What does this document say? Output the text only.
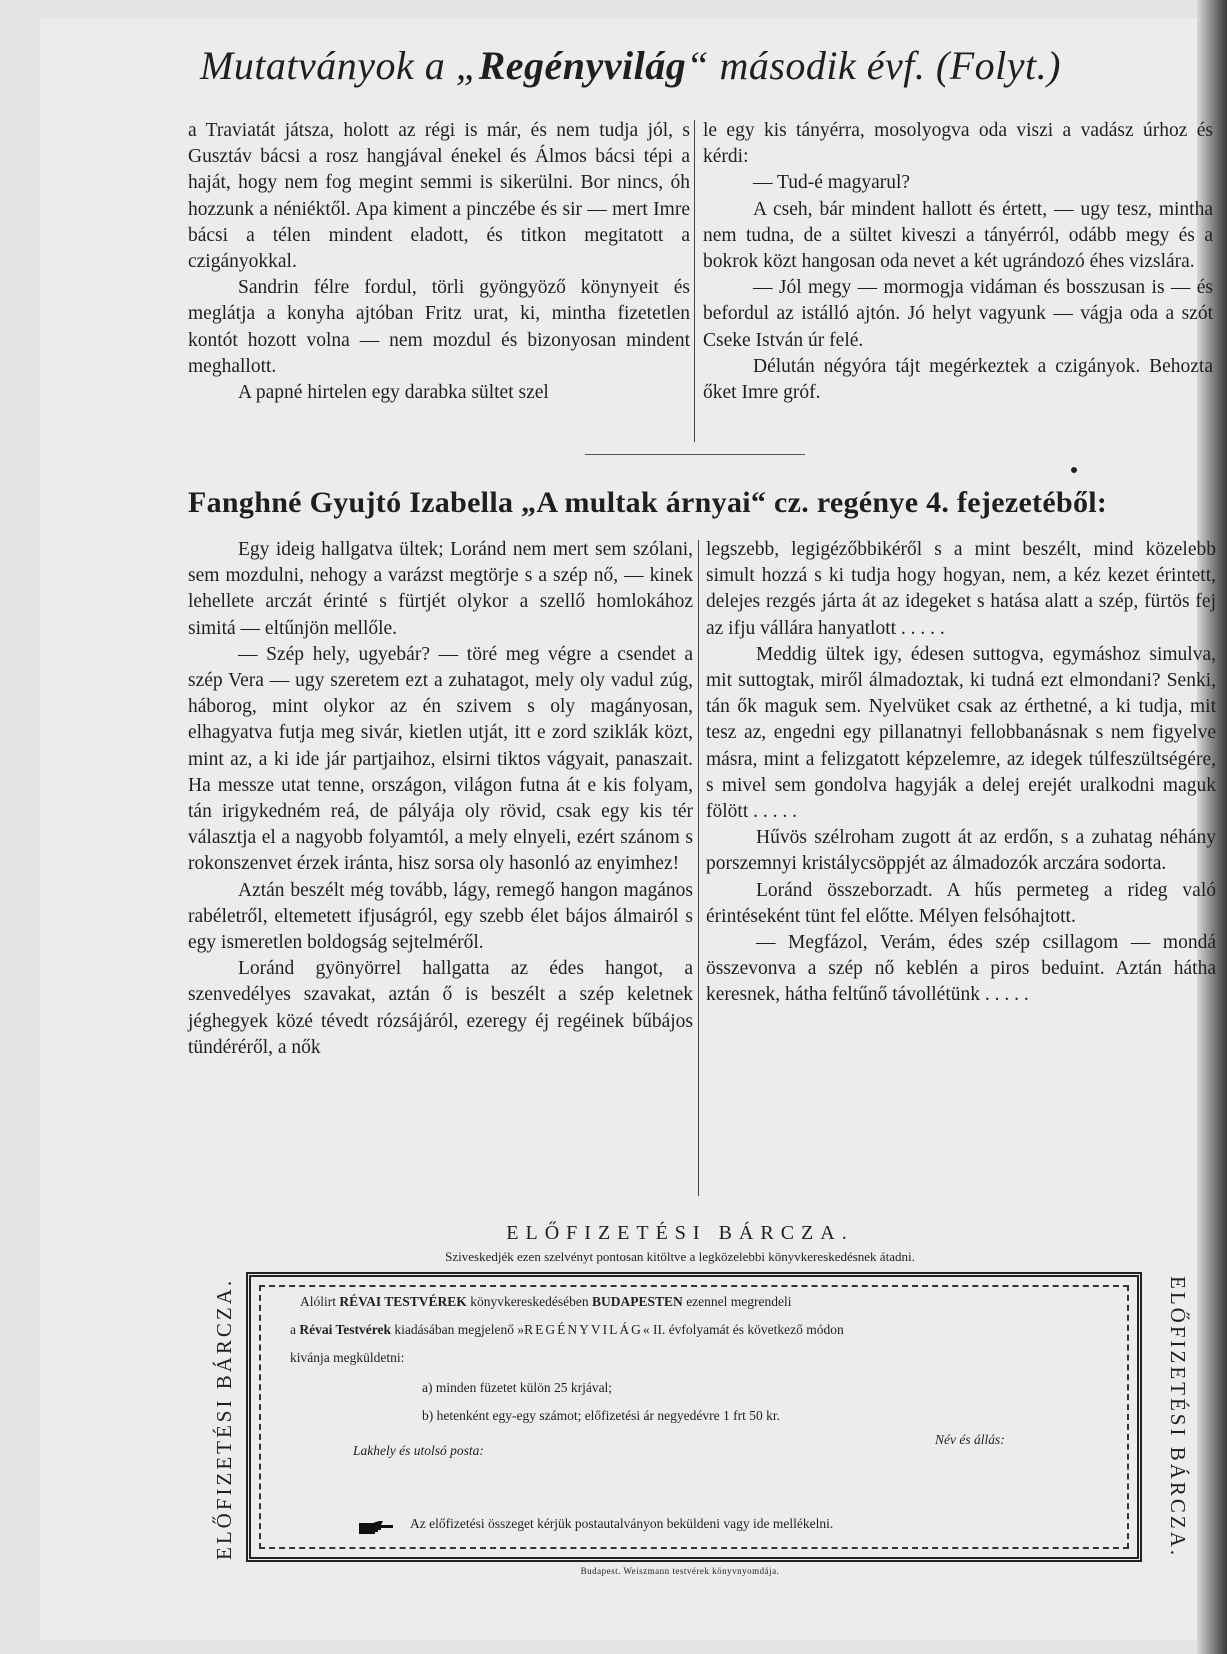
Mutatványok a „Regényvilág“ második évf. (Folyt.)

a Traviatát játsza, holott az régi is már, és nem tudja jól, s Gusztáv bácsi a rosz hangjával énekel és Álmos bácsi tépi a haját, hogy nem fog megint semmi is sikerülni. Bor nincs, óh hozzunk a néniéktől. Apa kiment a pinczébe és sir — mert Imre bácsi a télen mindent eladott, és titkon megitatott a czigányokkal.

Sandrin félre fordul, törli gyöngyöző könynyeit és meglátja a konyha ajtóban Fritz urat, ki, mintha fizetetlen kontót hozott volna — nem mozdul és bizonyosan mindent meghallott.

A papné hirtelen egy darabka sültet szel

le egy kis tányérra, mosolyogva oda viszi a vadász úrhoz és kérdi:

— Tud-é magyarul?

A cseh, bár mindent hallott és értett, — ugy tesz, mintha nem tudna, de a sültet kiveszi a tányérról, odább megy és a bokrok közt hangosan oda nevet a két ugrándozó éhes vizslára.

— Jól megy — mormogja vidáman és bosszusan is — és befordul az istálló ajtón. Jó helyt vagyunk — vágja oda a szót Cseke István úr felé.

Délután négyóra tájt megérkeztek a czigányok. Behozta őket Imre gróf.

Fanghné Gyujtó Izabella „A multak árnyai“ cz. regénye 4. fejezetéből:

Egy ideig hallgatva ültek; Loránd nem mert sem szólani, sem mozdulni, nehogy a varázst megtörje s a szép nő, — kinek lehellete arczát érinté s fürtjét olykor a szellő homlokához simitá — eltűnjön mellőle.

— Szép hely, ugyebár? — töré meg végre a csendet a szép Vera — ugy szeretem ezt a zuhatagot, mely oly vadul zúg, háborog, mint olykor az én szivem s oly magányosan, elhagyatva futja meg sivár, kietlen utját, itt e zord sziklák közt, mint az, a ki ide jár partjaihoz, elsirni tiktos vágyait, panaszait. Ha messze utat tenne, országon, világon futna át e kis folyam, tán irigykedném reá, de pályája oly rövid, csak egy kis tér választja el a nagyobb folyamtól, a mely elnyeli, ezért szánom s rokonszenvet érzek iránta, hisz sorsa oly hasonló az enyimhez!

Aztán beszélt még tovább, lágy, remegő hangon magános rabéletről, eltemetett ifjuságról, egy szebb élet bájos álmairól s egy ismeretlen boldogság sejtelméről.

Loránd gyönyörrel hallgatta az édes hangot, a szenvedélyes szavakat, aztán ő is beszélt a szép keletnek jéghegyek közé tévedt rózsájáról, ezeregy éj regéinek bűbájos tündéréről, a nők

legszebb, legigézőbbikéről s a mint beszélt, mind közelebb simult hozzá s ki tudja hogy hogyan, nem, a kéz kezet érintett, delejes rezgés járta át az idegeket s hatása alatt a szép, fürtös fej az ifju vállára hanyatlott . . . . .

Meddig ültek igy, édesen suttogva, egymáshoz simulva, mit suttogtak, miről álmadoztak, ki tudná ezt elmondani? Senki, tán ők maguk sem. Nyelvüket csak az érthetné, a ki tudja, mit tesz az, engedni egy pillanatnyi fellobbanásnak s nem figyelve másra, mint a felizgatott képzelemre, az idegek túlfeszültségére, s mivel sem gondolva hagyják a delej erejét uralkodni maguk fölött . . . . .

Hűvös szélroham zugott át az erdőn, s a zuhatag néhány porszemnyi kristálycsöppjét az álmadozók arczára sodorta.

Loránd összeborzadt. A hűs permeteg a rideg való érintéseként tünt fel előtte. Mélyen felsóhajtott.

— Megfázol, Verám, édes szép csillagom — mondá összevonva a szép nő keblén a piros beduint. Aztán hátha keresnek, hátha feltűnő távollétünk . . . . .

ELŐFIZETÉSI BÁRCZA.
Sziveskedjék ezen szelvényt pontosan kitöltve a legközelebbi könyvkereskedésnek átadni.
ELŐFIZETÉSI BÁRCZA.	ELŐFIZETÉSI BÁRCZA.
Alólirt RÉVAI TESTVÉREK könyvkereskedésében BUDAPESTEN ezennel megrendeli
a Révai Testvérek kiadásában megjelenő »REGÉNYVILÁG« II. évfolyamát és következő módon
kivánja megküldetni:
a) minden füzetet külön 25 krjával;
b) hetenként egy-egy számot; előfizetési ár negyedévre 1 frt 50 kr.
Lakhely és utolsó posta:
Név és állás:
Az előfizetési összeget kérjük postautalványon beküldeni vagy ide mellékelni.
Budapest. Weiszmann testvérek könyvnyomdája.
